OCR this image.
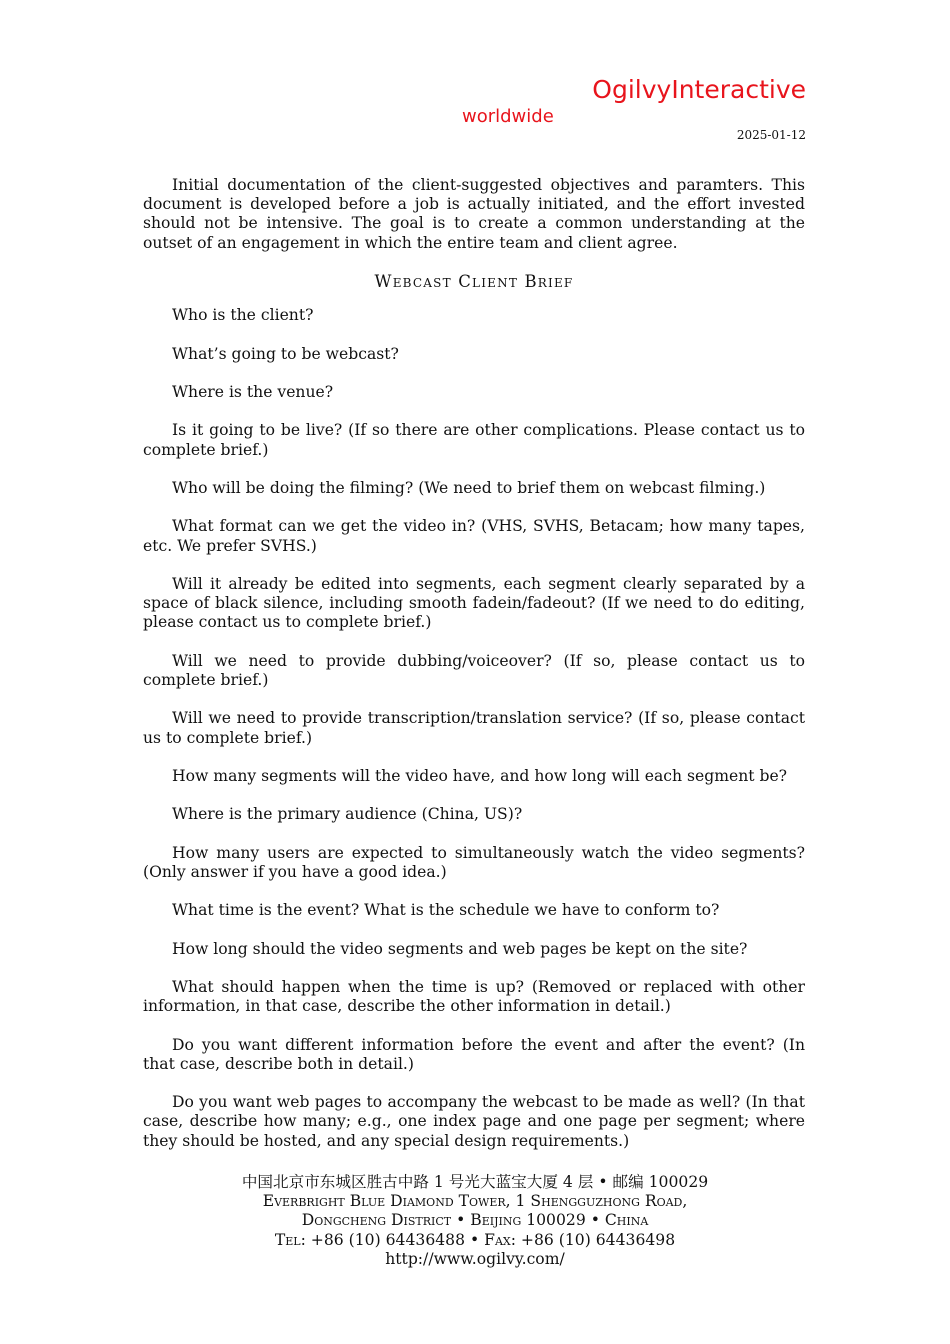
OgilvyInteractive
worldwide
2025-01-12

Initial documentation of the client-suggested objectives and paramters. This document is developed before a job is actually initiated, and the effort invested should not be intensive. The goal is to create a common understanding at the outset of an engagement in which the entire team and client agree.

Webcast Client Brief

Who is the client?

What’s going to be webcast?

Where is the venue?

Is it going to be live? (If so there are other complications. Please contact us to complete brief.)

Who will be doing the filming? (We need to brief them on webcast filming.)

What format can we get the video in? (VHS, SVHS, Betacam; how many tapes, etc. We prefer SVHS.)

Will it already be edited into segments, each segment clearly separated by a space of black silence, including smooth fadein/fadeout? (If we need to do editing, please contact us to complete brief.)

Will we need to provide dubbing/voiceover? (If so, please contact us to complete brief.)

Will we need to provide transcription/translation service? (If so, please contact us to complete brief.)

How many segments will the video have, and how long will each segment be?

Where is the primary audience (China, US)?

How many users are expected to simultaneously watch the video segments? (Only answer if you have a good idea.)

What time is the event? What is the schedule we have to conform to?

How long should the video segments and web pages be kept on the site?

What should happen when the time is up? (Removed or replaced with other information, in that case, describe the other information in detail.)

Do you want different information before the event and after the event? (In that case, describe both in detail.)

Do you want web pages to accompany the webcast to be made as well? (In that case, describe how many; e.g., one index page and one page per segment; where they should be hosted, and any special design requirements.)

中国北京市东城区胜古中路 1 号光大蓝宝大厦 4 层 • 邮编 100029
Everbright Blue Diamond Tower, 1 Shengguzhong Road,
Dongcheng District • Beijing 100029 • China
Tel: +86 (10) 64436488 • Fax: +86 (10) 64436498
http://www.ogilvy.com/
